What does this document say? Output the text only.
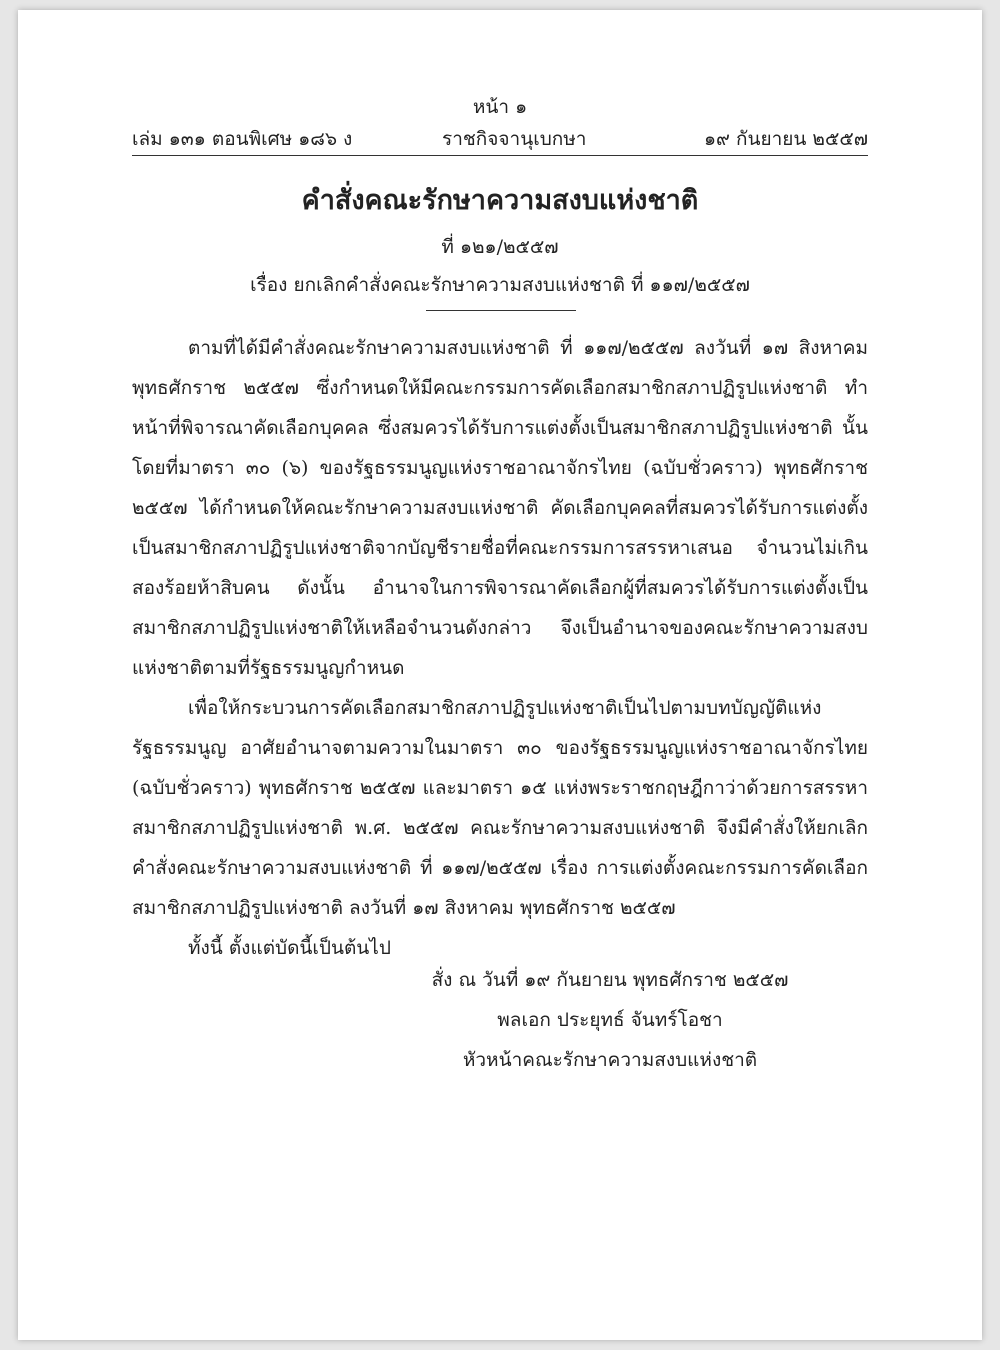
หน้า ๑
เล่ม ๑๓๑ ตอนพิเศษ ๑๘๖ ง	ราชกิจจานุเบกษา	๑๙ กันยายน ๒๕๕๗
คำสั่งคณะรักษาความสงบแห่งชาติ
ที่ ๑๒๑/๒๕๕๗
เรื่อง ยกเลิกคำสั่งคณะรักษาความสงบแห่งชาติ ที่ ๑๑๗/๒๕๕๗

ตามที่ได้มีคำสั่งคณะรักษาความสงบแห่งชาติ ที่ ๑๑๗/๒๕๕๗ ลงวันที่ ๑๗ สิงหาคม พุทธศักราช ๒๕๕๗ ซึ่งกำหนดให้มีคณะกรรมการคัดเลือกสมาชิกสภาปฏิรูปแห่งชาติ ทำหน้าที่พิจารณาคัดเลือกบุคคล ซึ่งสมควรได้รับการแต่งตั้งเป็นสมาชิกสภาปฏิรูปแห่งชาติ นั้น โดยที่มาตรา ๓๐ (๖) ของรัฐธรรมนูญแห่งราชอาณาจักรไทย (ฉบับชั่วคราว) พุทธศักราช ๒๕๕๗ ได้กำหนดให้คณะรักษาความสงบแห่งชาติ คัดเลือกบุคคลที่สมควรได้รับการแต่งตั้งเป็นสมาชิกสภาปฏิรูปแห่งชาติจากบัญชีรายชื่อที่คณะกรรมการสรรหาเสนอ จำนวนไม่เกินสองร้อยห้าสิบคน ดังนั้น อำนาจในการพิจารณาคัดเลือกผู้ที่สมควรได้รับการแต่งตั้งเป็นสมาชิกสภาปฏิรูปแห่งชาติให้เหลือจำนวนดังกล่าว จึงเป็นอำนาจของคณะรักษาความสงบแห่งชาติตามที่รัฐธรรมนูญกำหนด

เพื่อให้กระบวนการคัดเลือกสมาชิกสภาปฏิรูปแห่งชาติเป็นไปตามบทบัญญัติแห่งรัฐธรรมนูญ อาศัยอำนาจตามความในมาตรา ๓๐ ของรัฐธรรมนูญแห่งราชอาณาจักรไทย (ฉบับชั่วคราว) พุทธศักราช ๒๕๕๗ และมาตรา ๑๕ แห่งพระราชกฤษฎีกาว่าด้วยการสรรหาสมาชิกสภาปฏิรูปแห่งชาติ พ.ศ. ๒๕๕๗ คณะรักษาความสงบแห่งชาติ จึงมีคำสั่งให้ยกเลิกคำสั่งคณะรักษาความสงบแห่งชาติ ที่ ๑๑๗/๒๕๕๗ เรื่อง การแต่งตั้งคณะกรรมการคัดเลือกสมาชิกสภาปฏิรูปแห่งชาติ ลงวันที่ ๑๗ สิงหาคม พุทธศักราช ๒๕๕๗

ทั้งนี้ ตั้งแต่บัดนี้เป็นต้นไป

สั่ง ณ วันที่ ๑๙ กันยายน พุทธศักราช ๒๕๕๗
พลเอก ประยุทธ์ จันทร์โอชา
หัวหน้าคณะรักษาความสงบแห่งชาติ
